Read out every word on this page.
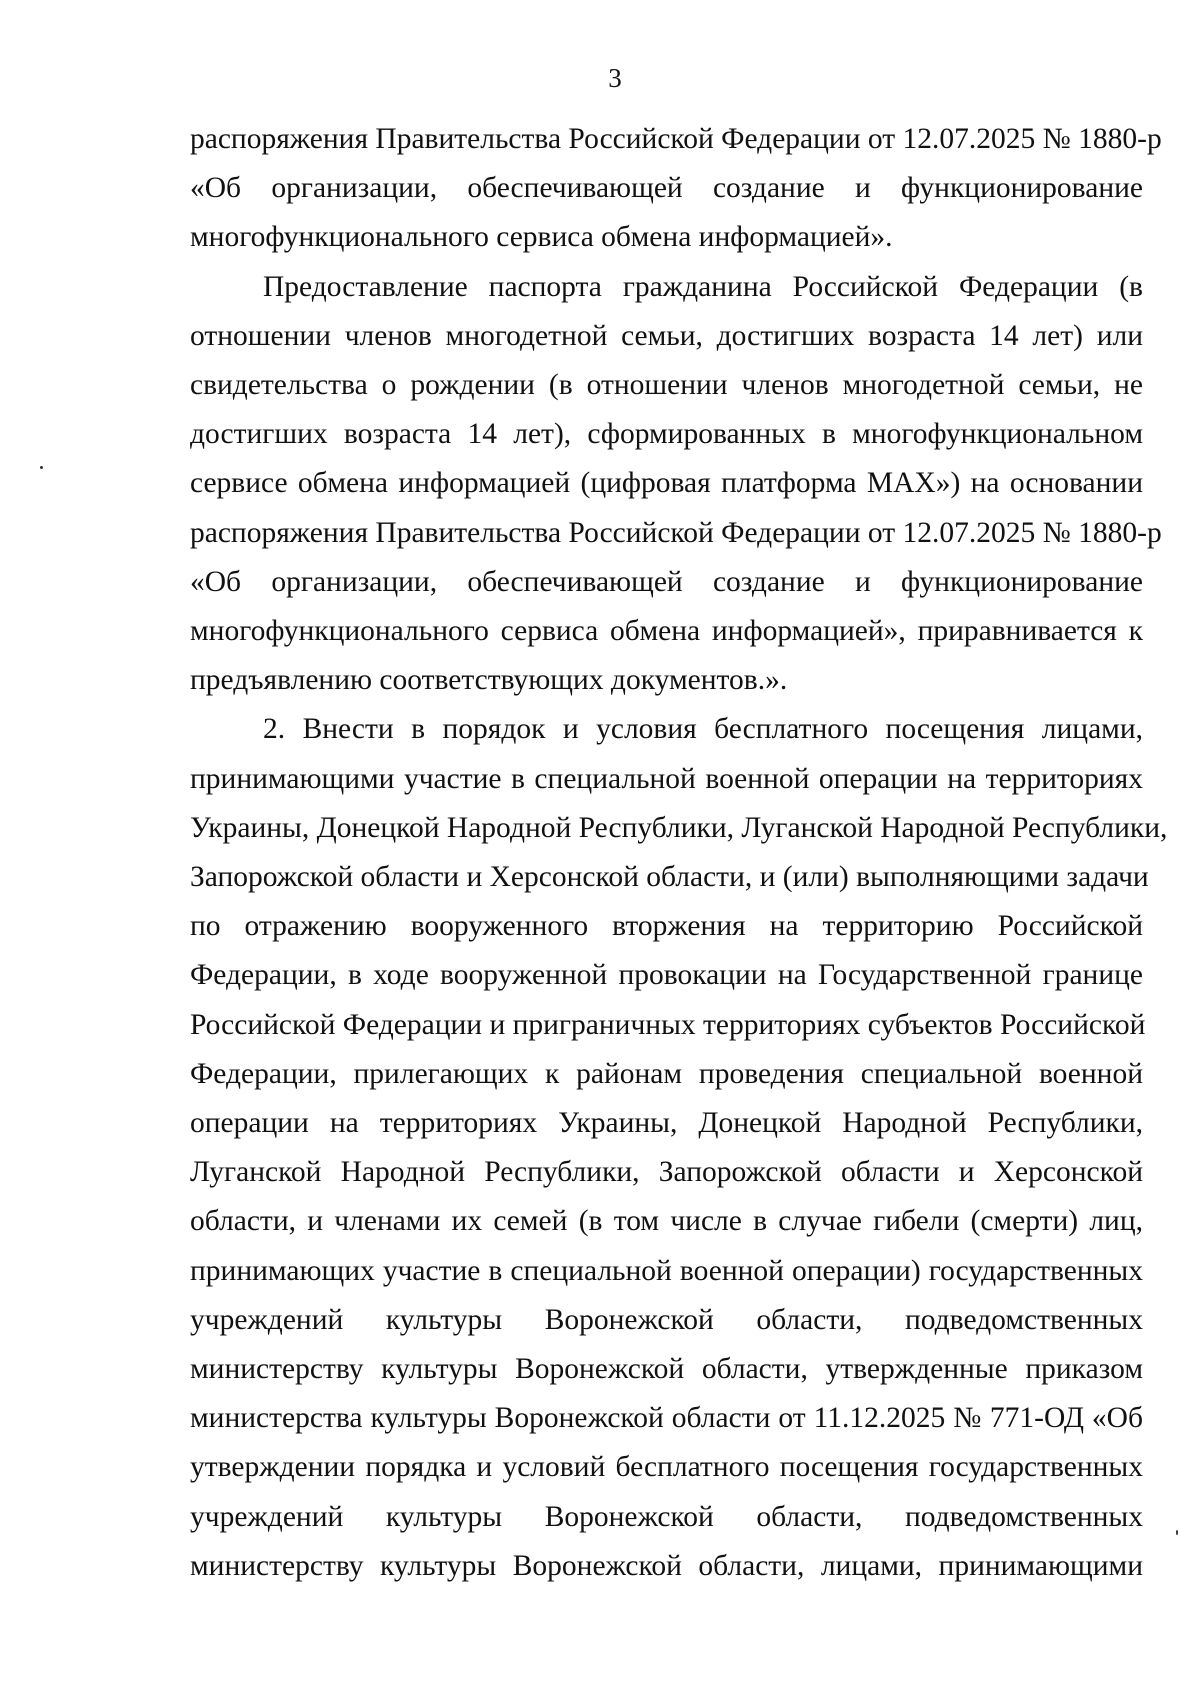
3
распоряжения Правительства Российской Федерации от 12.07.2025 № 1880-р
«Об организации, обеспечивающей создание и функционирование
многофункционального сервиса обмена информацией».
Предоставление паспорта гражданина Российской Федерации (в
отношении членов многодетной семьи, достигших возраста 14 лет) или
свидетельства о рождении (в отношении членов многодетной семьи, не
достигших возраста 14 лет), сформированных в многофункциональном
сервисе обмена информацией (цифровая платформа MAX») на основании
распоряжения Правительства Российской Федерации от 12.07.2025 № 1880-р
«Об организации, обеспечивающей создание и функционирование
многофункционального сервиса обмена информацией», приравнивается к
предъявлению соответствующих документов.».
2. Внести в порядок и условия бесплатного посещения лицами,
принимающими участие в специальной военной операции на территориях
Украины, Донецкой Народной Республики, Луганской Народной Республики,
Запорожской области и Херсонской области, и (или) выполняющими задачи
по отражению вооруженного вторжения на территорию Российской
Федерации, в ходе вооруженной провокации на Государственной границе
Российской Федерации и приграничных территориях субъектов Российской
Федерации, прилегающих к районам проведения специальной военной
операции на территориях Украины, Донецкой Народной Республики,
Луганской Народной Республики, Запорожской области и Херсонской
области, и членами их семей (в том числе в случае гибели (смерти) лиц,
принимающих участие в специальной военной операции) государственных
учреждений культуры Воронежской области, подведомственных
министерству культуры Воронежской области, утвержденные приказом
министерства культуры Воронежской области от 11.12.2025 № 771-ОД «Об
утверждении порядка и условий бесплатного посещения государственных
учреждений культуры Воронежской области, подведомственных
министерству культуры Воронежской области, лицами, принимающими
